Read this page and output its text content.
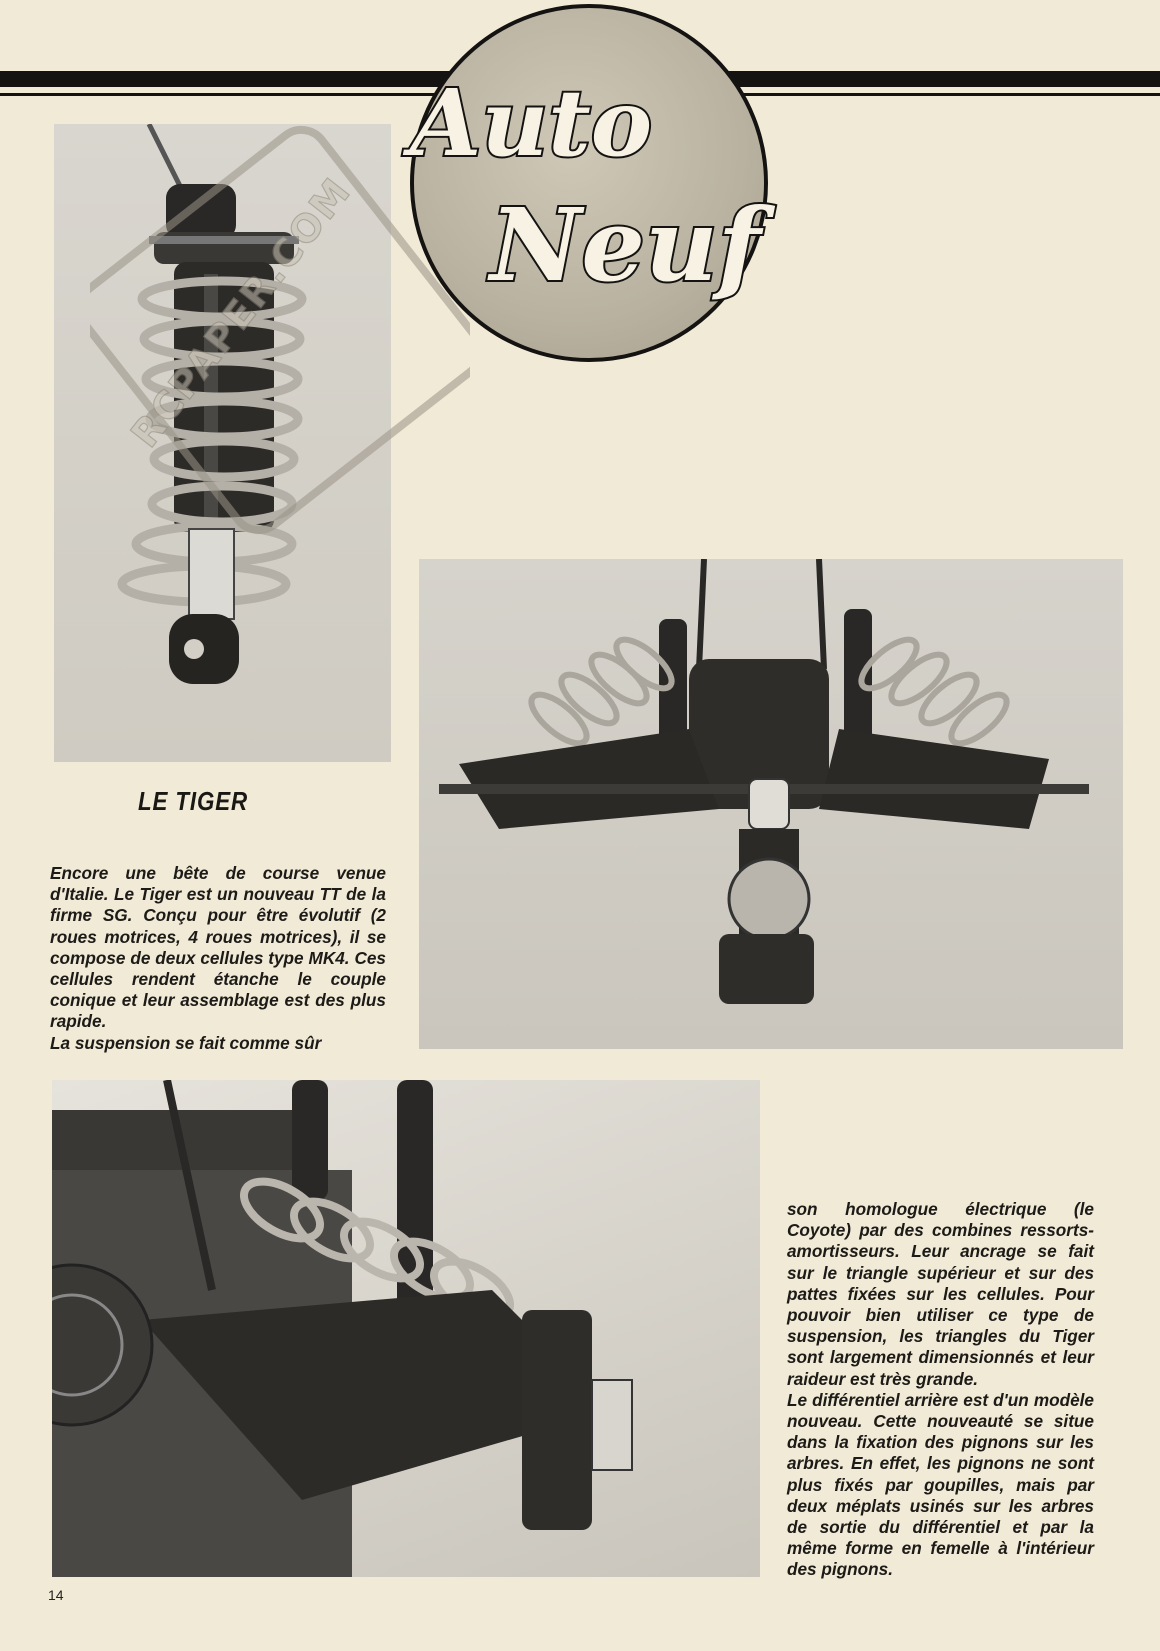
Auto
Neuf
RCPAPER.COM
LE TIGER

Encore une bête de course venue d'Italie. Le Tiger est un nouveau TT de la firme SG. Conçu pour être évolutif (2 roues motrices, 4 roues motrices), il se compose de deux cellules type MK4. Ces cellules rendent étanche le couple conique et leur assemblage est des plus rapide.

La suspension se fait comme sûr

son homologue électrique (le Coyote) par des combines ressorts-amortisseurs. Leur ancrage se fait sur le triangle supérieur et sur des pattes fixées sur les cellules. Pour pouvoir bien utiliser ce type de suspension, les triangles du Tiger sont largement dimensionnés et leur raideur est très grande.

Le différentiel arrière est d'un modèle nouveau. Cette nouveauté se situe dans la fixation des pignons sur les arbres. En effet, les pignons ne sont plus fixés par goupilles, mais par deux méplats usinés sur les arbres de sortie du différentiel et par la même forme en femelle à l'intérieur des pignons.

14
